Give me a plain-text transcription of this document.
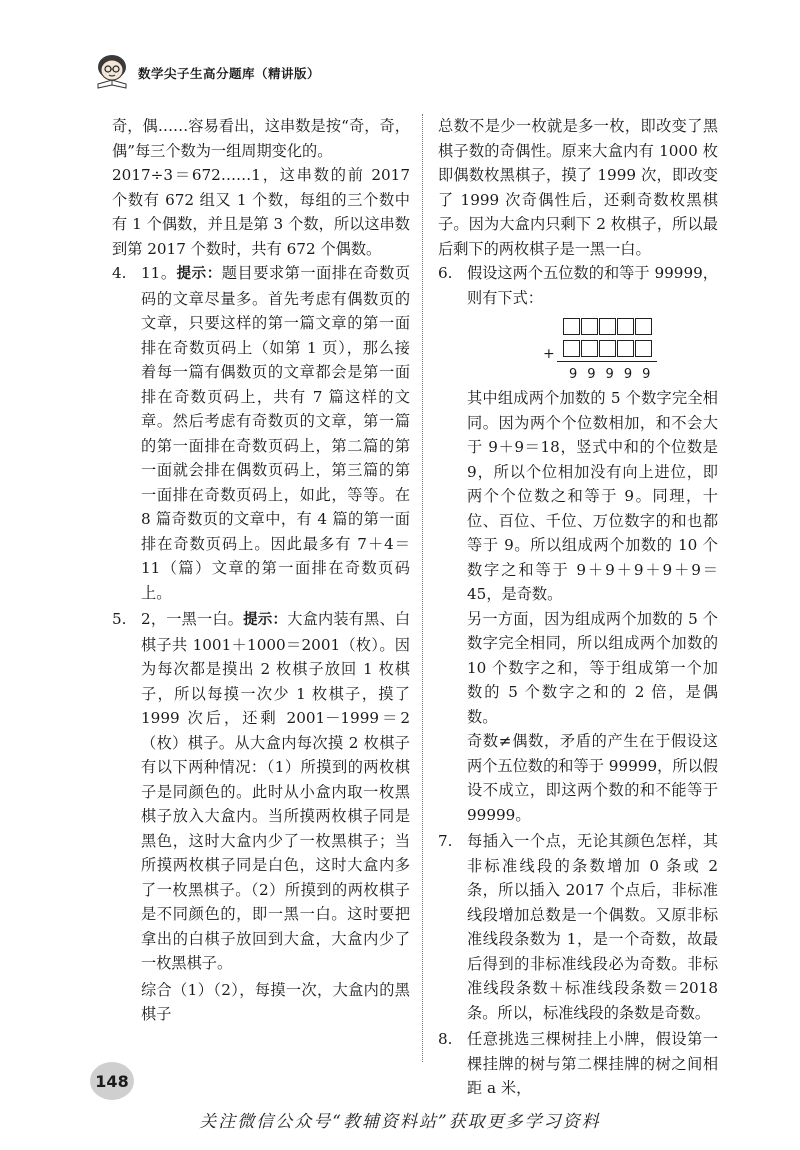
数学尖子生高分题库（精讲版）

奇，偶……容易看出，这串数是按“奇，奇，偶”每三个数为一组周期变化的。

2017÷3＝672……1，这串数的前 2017 个数有 672 组又 1 个数，每组的三个数中有 1 个偶数，并且是第 3 个数，所以这串数到第 2017 个数时，共有 672 个偶数。

4. 11。提示：题目要求第一面排在奇数页码的文章尽量多。首先考虑有偶数页的文章，只要这样的第一篇文章的第一面排在奇数页码上（如第 1 页），那么接着每一篇有偶数页的文章都会是第一面排在奇数页码上，共有 7 篇这样的文章。然后考虑有奇数页的文章，第一篇的第一面排在奇数页码上，第二篇的第一面就会排在偶数页码上，第三篇的第一面排在奇数页码上，如此，等等。在 8 篇奇数页的文章中，有 4 篇的第一面排在奇数页码上。因此最多有 7＋4＝11（篇）文章的第一面排在奇数页码上。
5. 2，一黑一白。提示：大盒内装有黑、白棋子共 1001＋1000＝2001（枚）。因为每次都是摸出 2 枚棋子放回 1 枚棋子，所以每摸一次少 1 枚棋子，摸了 1999 次后，还剩 2001－1999＝2（枚）棋子。从大盒内每次摸 2 枚棋子有以下两种情况：（1）所摸到的两枚棋子是同颜色的。此时从小盒内取一枚黑棋子放入大盒内。当所摸两枚棋子同是黑色，这时大盒内少了一枚黑棋子；当所摸两枚棋子同是白色，这时大盒内多了一枚黑棋子。（2）所摸到的两枚棋子是不同颜色的，即一黑一白。这时要把拿出的白棋子放回到大盒，大盒内少了一枚黑棋子。
综合（1）（2），每摸一次，大盒内的黑棋子

总数不是少一枚就是多一枚，即改变了黑棋子数的奇偶性。原来大盒内有 1000 枚即偶数枚黑棋子，摸了 1999 次，即改变了 1999 次奇偶性后，还剩奇数枚黑棋子。因为大盒内只剩下 2 枚棋子，所以最后剩下的两枚棋子是一黑一白。

6. 假设这两个五位数的和等于 99999，则有下式：
+
99999

其中组成两个加数的 5 个数字完全相同。因为两个个位数相加，和不会大于 9＋9＝18，竖式中和的个位数是 9，所以个位相加没有向上进位，即两个个位数之和等于 9。同理，十位、百位、千位、万位数字的和也都等于 9。所以组成两个加数的 10 个数字之和等于 9＋9＋9＋9＋9＝45，是奇数。

另一方面，因为组成两个加数的 5 个数字完全相同，所以组成两个加数的 10 个数字之和，等于组成第一个加数的 5 个数字之和的 2 倍，是偶数。

奇数≠偶数，矛盾的产生在于假设这两个五位数的和等于 99999，所以假设不成立，即这两个数的和不能等于 99999。

7. 每插入一个点，无论其颜色怎样，其非标准线段的条数增加 0 条或 2 条，所以插入 2017 个点后，非标准线段增加总数是一个偶数。又原非标准线段条数为 1，是一个奇数，故最后得到的非标准线段必为奇数。非标准线段条数＋标准线段条数＝2018 条。所以，标准线段的条数是奇数。
8. 任意挑选三棵树挂上小牌，假设第一棵挂牌的树与第二棵挂牌的树之间相距 a 米，
148
关注微信公众号“教辅资料站”获取更多学习资料
